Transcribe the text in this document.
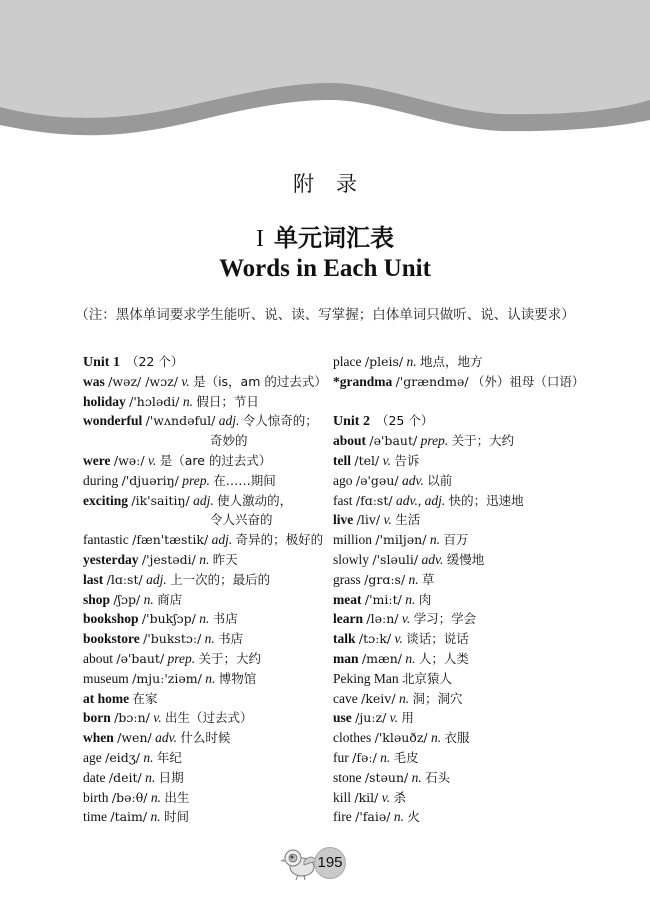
附录
I 单元词汇表
Words in Each Unit
（注：黑体单词要求学生能听、说、读、写掌握；白体单词只做听、说、认读要求）
Unit 1 （22 个）
was /wəz/ /wɔz/ v. 是（is，am 的过去式）
holiday /'hɔlədi/ n. 假日；节日
wonderful /'wʌndəful/ adj. 令人惊奇的；
奇妙的
were /wəː/ v. 是（are 的过去式）
during /'djuəriŋ/ prep. 在……期间
exciting /ik'saitiŋ/ adj. 使人激动的，
令人兴奋的
fantastic /fæn'tæstik/ adj. 奇异的；极好的
yesterday /'jestədi/ n. 昨天
last /lɑːst/ adj. 上一次的；最后的
shop /ʃɔp/ n. 商店
bookshop /'bukʃɔp/ n. 书店
bookstore /'bukstɔː/ n. 书店
about /ə'baut/ prep. 关于；大约
museum /mjuː'ziəm/ n. 博物馆
at home 在家
born /bɔːn/ v. 出生（过去式）
when /wen/ adv. 什么时候
age /eidʒ/ n. 年纪
date /deit/ n. 日期
birth /bəːθ/ n. 出生
time /taim/ n. 时间
place /pleis/ n. 地点，地方
*grandma /'grændmə/ （外）祖母（口语）
Unit 2 （25 个）
about /ə'baut/ prep. 关于；大约
tell /tel/ v. 告诉
ago /ə'gəu/ adv. 以前
fast /fɑːst/ adv., adj. 快的；迅速地
live /liv/ v. 生活
million /'miljən/ n. 百万
slowly /'sləuli/ adv. 缓慢地
grass /grɑːs/ n. 草
meat /'miːt/ n. 肉
learn /ləːn/ v. 学习；学会
talk /tɔːk/ v. 谈话；说话
man /mæn/ n. 人；人类
Peking Man 北京猿人
cave /keiv/ n. 洞；洞穴
use /juːz/ v. 用
clothes /'kləuðz/ n. 衣服
fur /fəː/ n. 毛皮
stone /stəun/ n. 石头
kill /kil/ v. 杀
fire /'faiə/ n. 火
195
